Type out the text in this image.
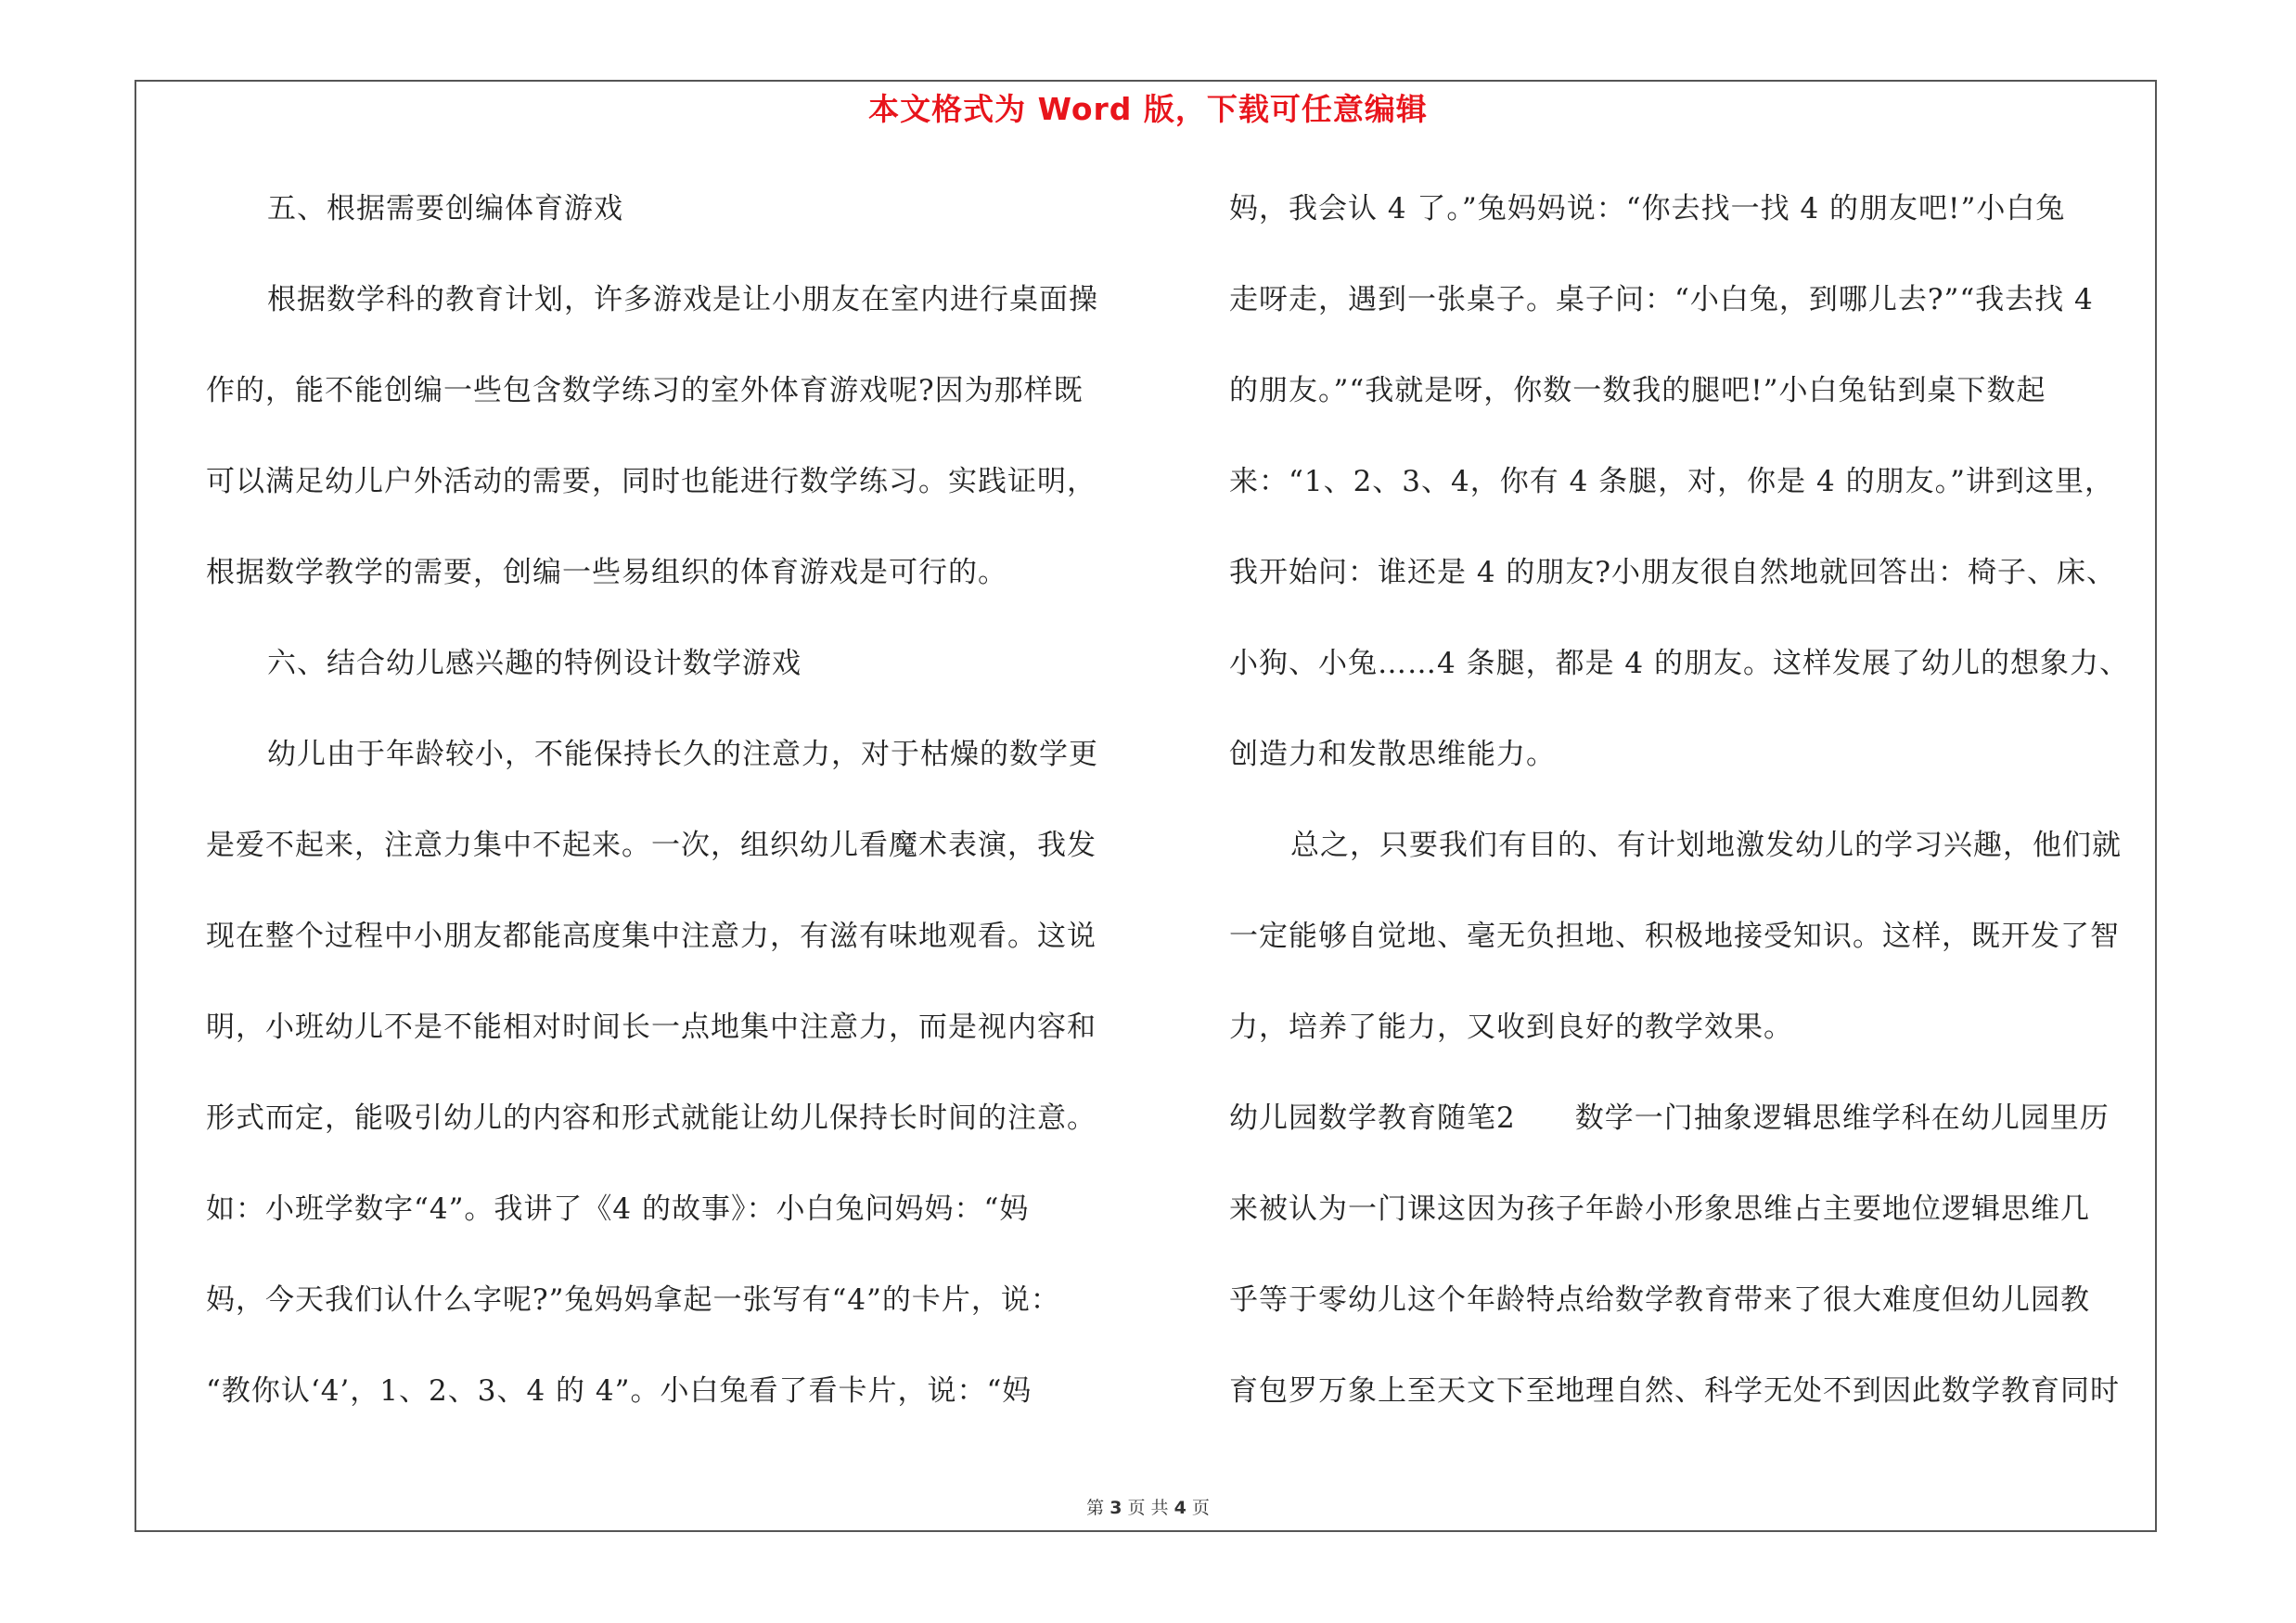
本文格式为 Word 版，下载可任意编辑
五、根据需要创编体育游戏
根据数学科的教育计划，许多游戏是让小朋友在室内进行桌面操
作的，能不能创编一些包含数学练习的室外体育游戏呢?因为那样既
可以满足幼儿户外活动的需要，同时也能进行数学练习。实践证明，
根据数学教学的需要，创编一些易组织的体育游戏是可行的。
六、结合幼儿感兴趣的特例设计数学游戏
幼儿由于年龄较小，不能保持长久的注意力，对于枯燥的数学更
是爱不起来，注意力集中不起来。一次，组织幼儿看魔术表演，我发
现在整个过程中小朋友都能高度集中注意力，有滋有味地观看。这说
明，小班幼儿不是不能相对时间长一点地集中注意力，而是视内容和
形式而定，能吸引幼儿的内容和形式就能让幼儿保持长时间的注意。
如：小班学数字“4”。我讲了《4 的故事》：小白兔问妈妈：“妈
妈，今天我们认什么字呢?”兔妈妈拿起一张写有“4”的卡片，说：
“教你认‘4’，1、2、3、4 的 4”。小白兔看了看卡片，说：“妈
妈，我会认 4 了。”兔妈妈说：“你去找一找 4 的朋友吧!”小白兔
走呀走，遇到一张桌子。桌子问：“小白兔，到哪儿去?”“我去找 4
的朋友。”“我就是呀，你数一数我的腿吧!”小白兔钻到桌下数起
来：“1、2、3、4，你有 4 条腿，对，你是 4 的朋友。”讲到这里，
我开始问：谁还是 4 的朋友?小朋友很自然地就回答出：椅子、床、
小狗、小兔……4 条腿，都是 4 的朋友。这样发展了幼儿的想象力、
创造力和发散思维能力。
总之，只要我们有目的、有计划地激发幼儿的学习兴趣，他们就
一定能够自觉地、毫无负担地、积极地接受知识。这样，既开发了智
力，培养了能力，又收到良好的教学效果。
幼儿园数学教育随笔2　　数学一门抽象逻辑思维学科在幼儿园里历
来被认为一门课这因为孩子年龄小形象思维占主要地位逻辑思维几
乎等于零幼儿这个年龄特点给数学教育带来了很大难度但幼儿园教
育包罗万象上至天文下至地理自然、科学无处不到因此数学教育同时
第 3 页 共 4 页
